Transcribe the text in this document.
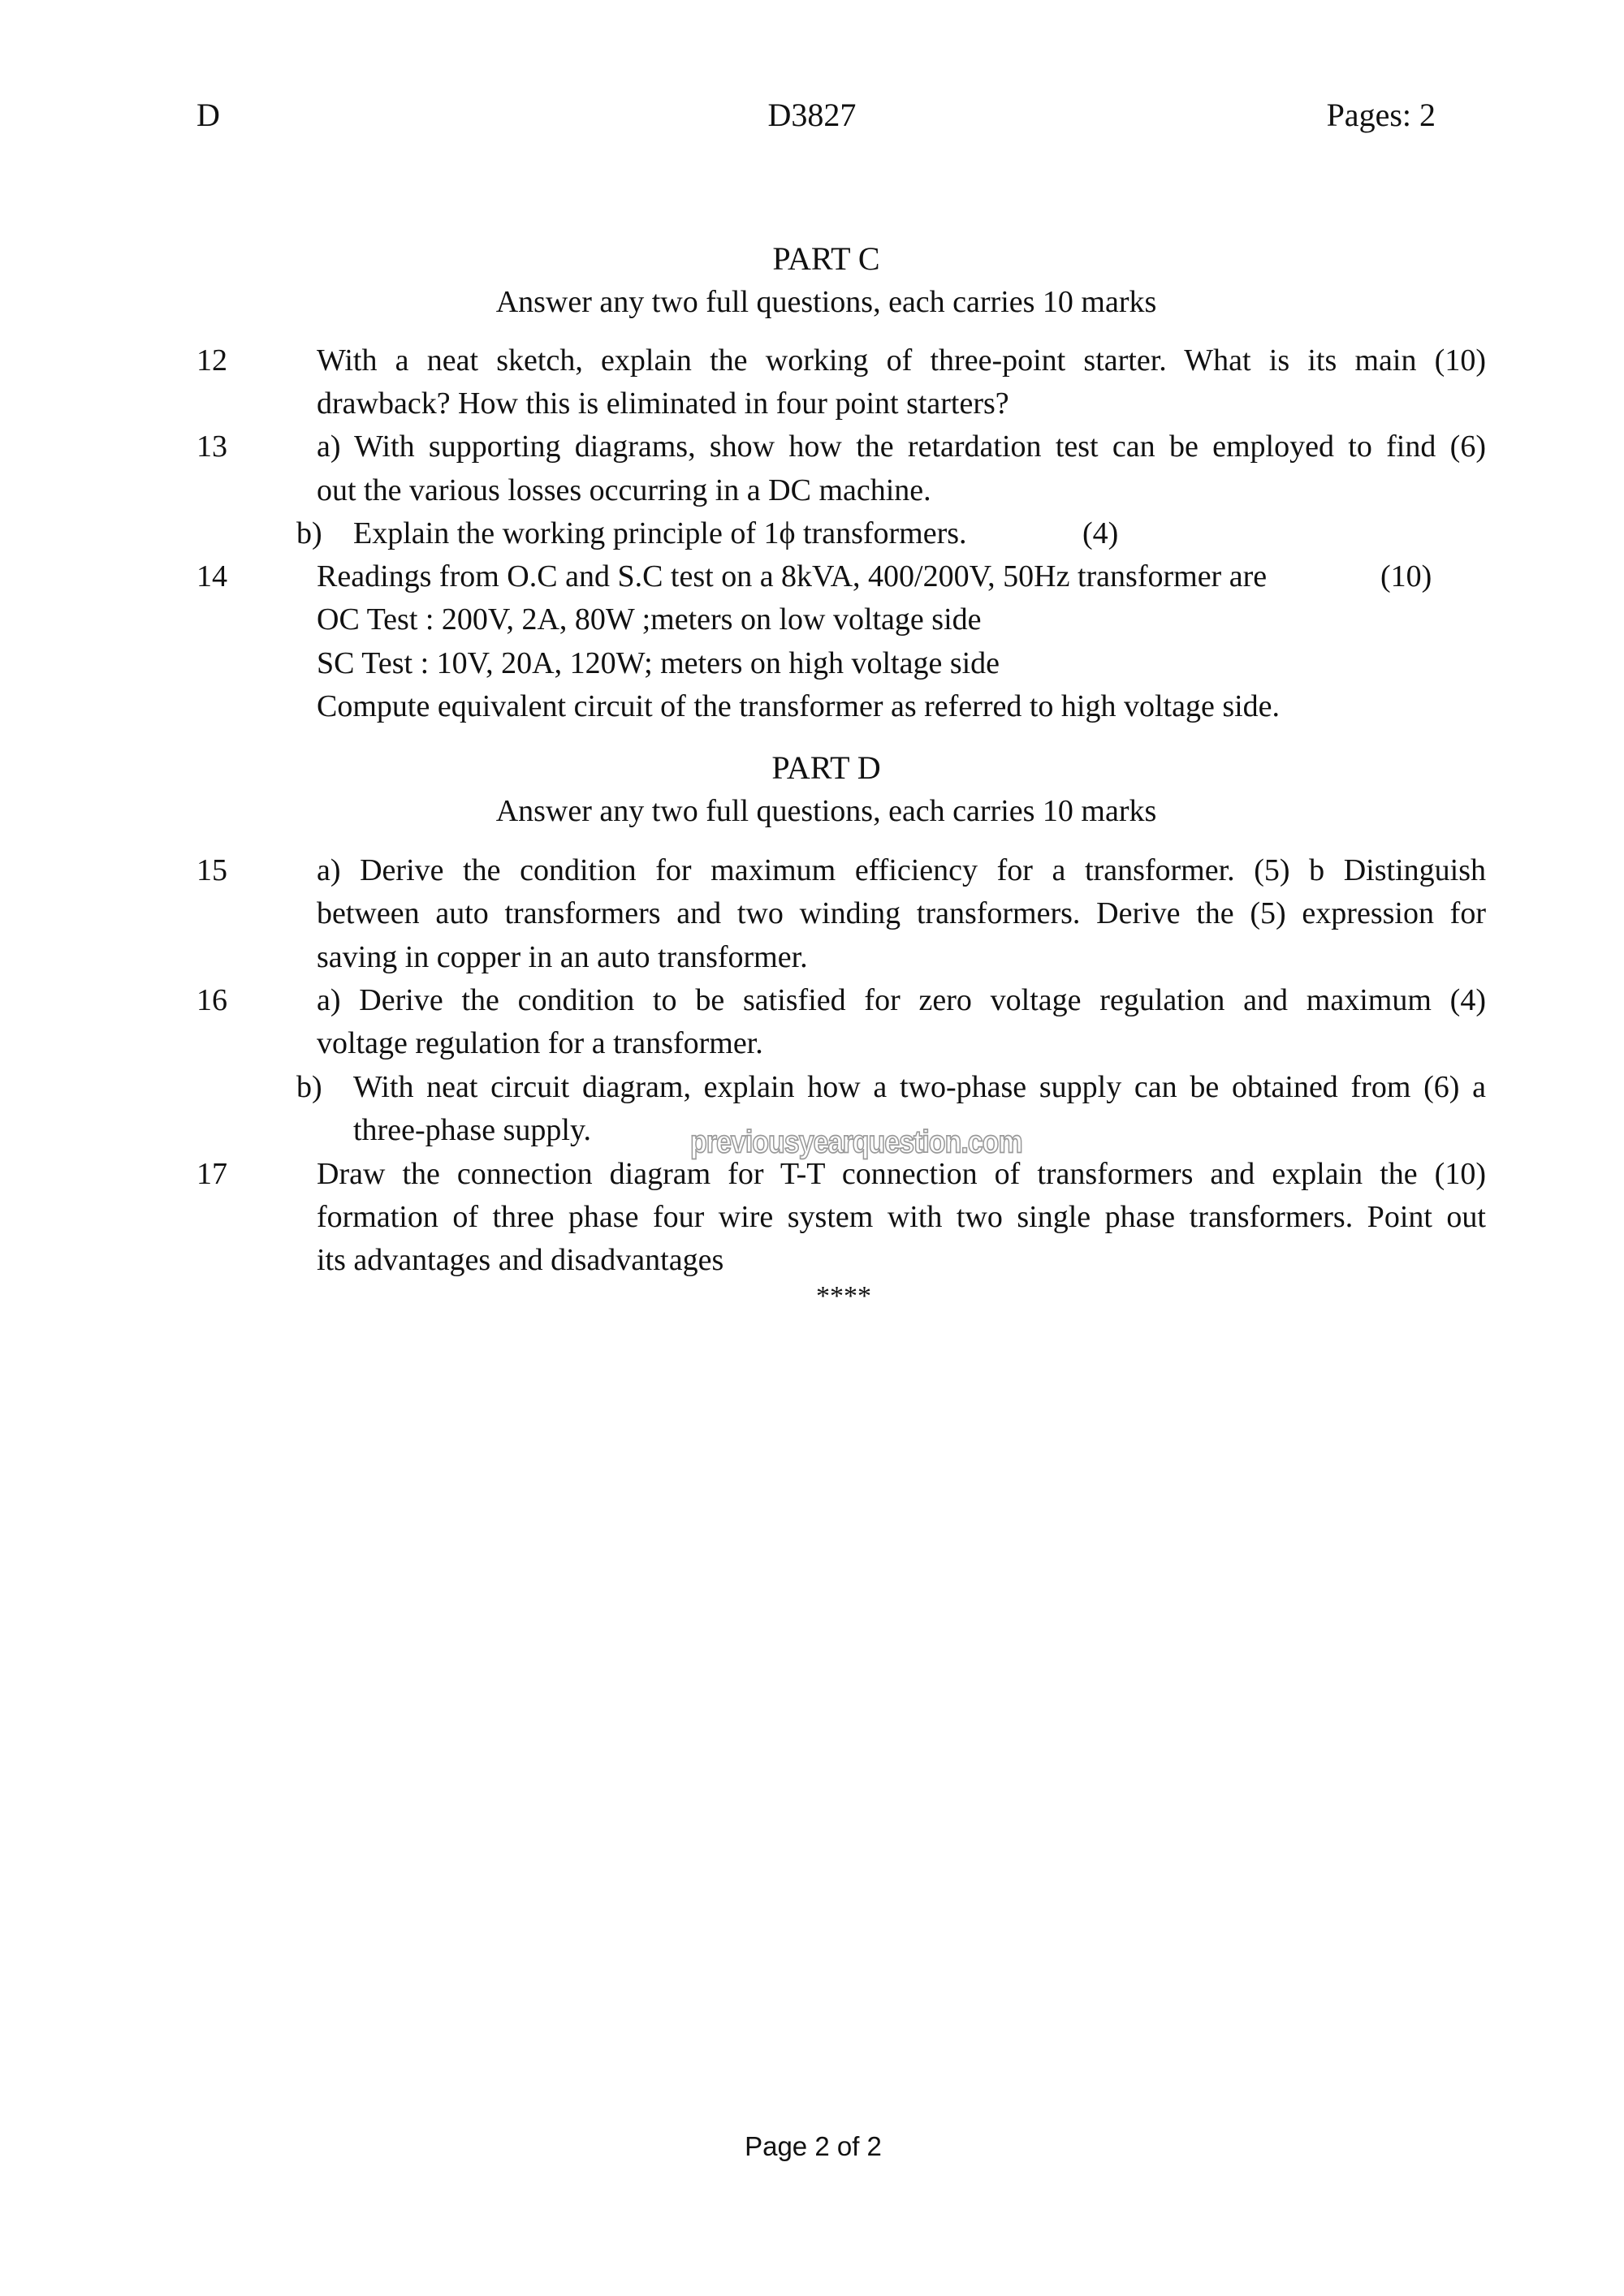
D	D3827	Pages: 2
PART C
Answer any two full questions, each carries 10 marks
12	With a neat sketch, explain the working of three-point starter. What is its main (10)
drawback? How this is eliminated in four point starters?
13	a) With supporting diagrams, show how the retardation test can be employed to find (6)
out the various losses occurring in a DC machine.
b) Explain the working principle of 1ϕ transformers.	(4)
14	Readings from O.C and S.C test on a 8kVA, 400/200V, 50Hz transformer are	(10)
OC Test : 200V, 2A, 80W ;meters on low voltage side
SC Test : 10V, 20A, 120W; meters on high voltage side
Compute equivalent circuit of the transformer as referred to high voltage side.
PART D
Answer any two full questions, each carries 10 marks
15	a) Derive the condition for maximum efficiency for a transformer. (5) b Distinguish
between auto transformers and two winding transformers. Derive the (5) expression for
saving in copper in an auto transformer.
16	a) Derive the condition to be satisfied for zero voltage regulation and maximum (4)
voltage regulation for a transformer.
b) With neat circuit diagram, explain how a two-phase supply can be obtained from (6) a
three-phase supply.	previousyearquestion.com
17	Draw the connection diagram for T-T connection of transformers and explain the (10)
formation of three phase four wire system with two single phase transformers. Point out
its advantages and disadvantages
****
Page 2 of 2
